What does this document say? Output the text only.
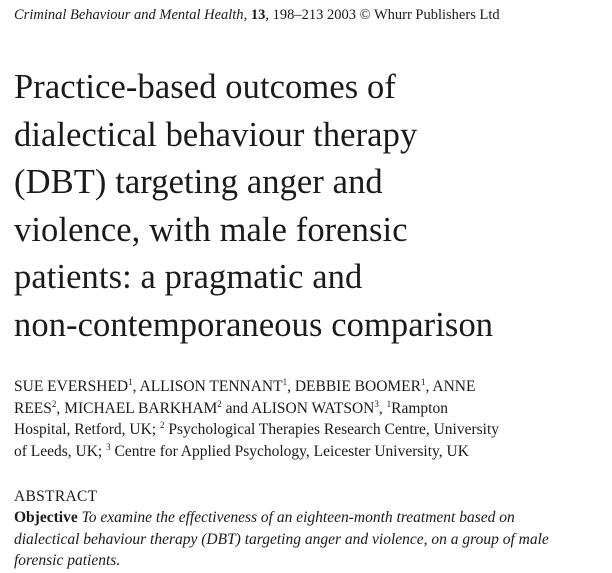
Criminal Behaviour and Mental Health, 13, 198–213 2003 © Whurr Publishers Ltd
Practice-based outcomes of
dialectical behaviour therapy
(DBT) targeting anger and
violence, with male forensic
patients: a pragmatic and
non-contemporaneous comparison
SUE EVERSHED$^1$, ALLISON TENNANT$^1$, DEBBIE BOOMER$^1$, ANNE
REES$^2$, MICHAEL BARKHAM$^2$ and ALISON WATSON$^3$, $^1$Rampton
Hospital, Retford, UK; $^2$ Psychological Therapies Research Centre, University
of Leeds, UK; $^3$ Centre for Applied Psychology, Leicester University, UK
ABSTRACT
Objective To examine the effectiveness of an eighteen-month treatment based on
dialectical behaviour therapy (DBT) targeting anger and violence, on a group of male
forensic patients.
